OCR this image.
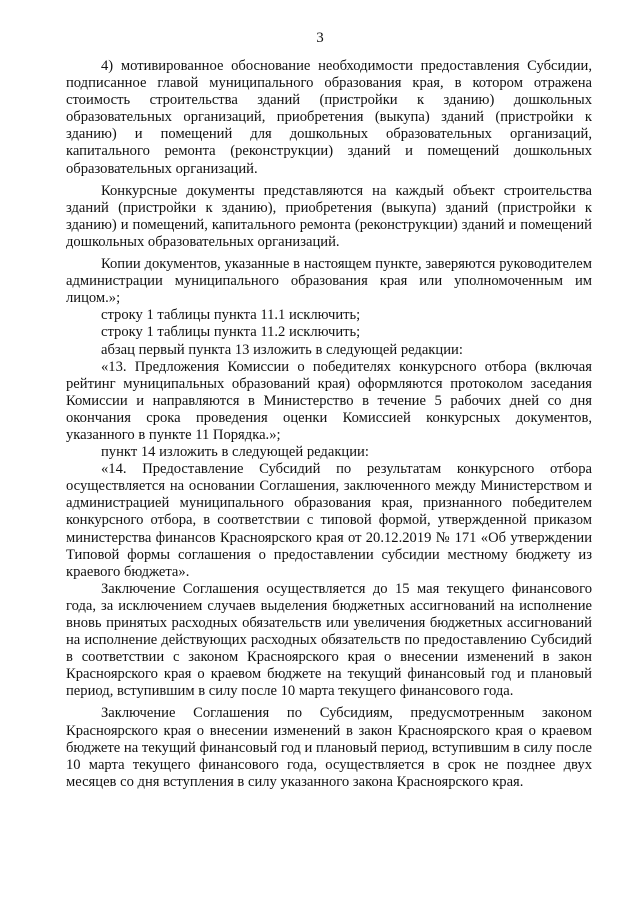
3

4) мотивированное обоснование необходимости предоставления Субсидии, подписанное главой муниципального образования края, в котором отражена стоимость строительства зданий (пристройки к зданию) дошкольных образовательных организаций, приобретения (выкупа) зданий (пристройки к зданию) и помещений для дошкольных образовательных организаций, капитального ремонта (реконструкции) зданий и помещений дошкольных образовательных организаций.

Конкурсные документы представляются на каждый объект строительства зданий (пристройки к зданию), приобретения (выкупа) зданий (пристройки к зданию) и помещений, капитального ремонта (реконструкции) зданий и помещений дошкольных образовательных организаций.

Копии документов, указанные в настоящем пункте, заверяются руководителем администрации муниципального образования края или уполномоченным им лицом.»;

строку 1 таблицы пункта 11.1 исключить;

строку 1 таблицы пункта 11.2 исключить;

абзац первый пункта 13 изложить в следующей редакции:

«13. Предложения Комиссии о победителях конкурсного отбора (включая рейтинг муниципальных образований края) оформляются протоколом заседания Комиссии и направляются в Министерство в течение 5 рабочих дней со дня окончания срока проведения оценки Комиссией конкурсных документов, указанного в пункте 11 Порядка.»;

пункт 14 изложить в следующей редакции:

«14. Предоставление Субсидий по результатам конкурсного отбора осуществляется на основании Соглашения, заключенного между Министерством и администрацией муниципального образования края, признанного победителем конкурсного отбора, в соответствии с типовой формой, утвержденной приказом министерства финансов Красноярского края от 20.12.2019 № 171 «Об утверждении Типовой формы соглашения о предоставлении субсидии местному бюджету из краевого бюджета».

Заключение Соглашения осуществляется до 15 мая текущего финансового года, за исключением случаев выделения бюджетных ассигнований на исполнение вновь принятых расходных обязательств или увеличения бюджетных ассигнований на исполнение действующих расходных обязательств по предоставлению Субсидий в соответствии с законом Красноярского края о внесении изменений в закон Красноярского края о краевом бюджете на текущий финансовый год и плановый период, вступившим в силу после 10 марта текущего финансового года.

Заключение Соглашения по Субсидиям, предусмотренным законом Красноярского края о внесении изменений в закон Красноярского края о краевом бюджете на текущий финансовый год и плановый период, вступившим в силу после 10 марта текущего финансового года, осуществляется в срок не позднее двух месяцев со дня вступления в силу указанного закона Красноярского края.
